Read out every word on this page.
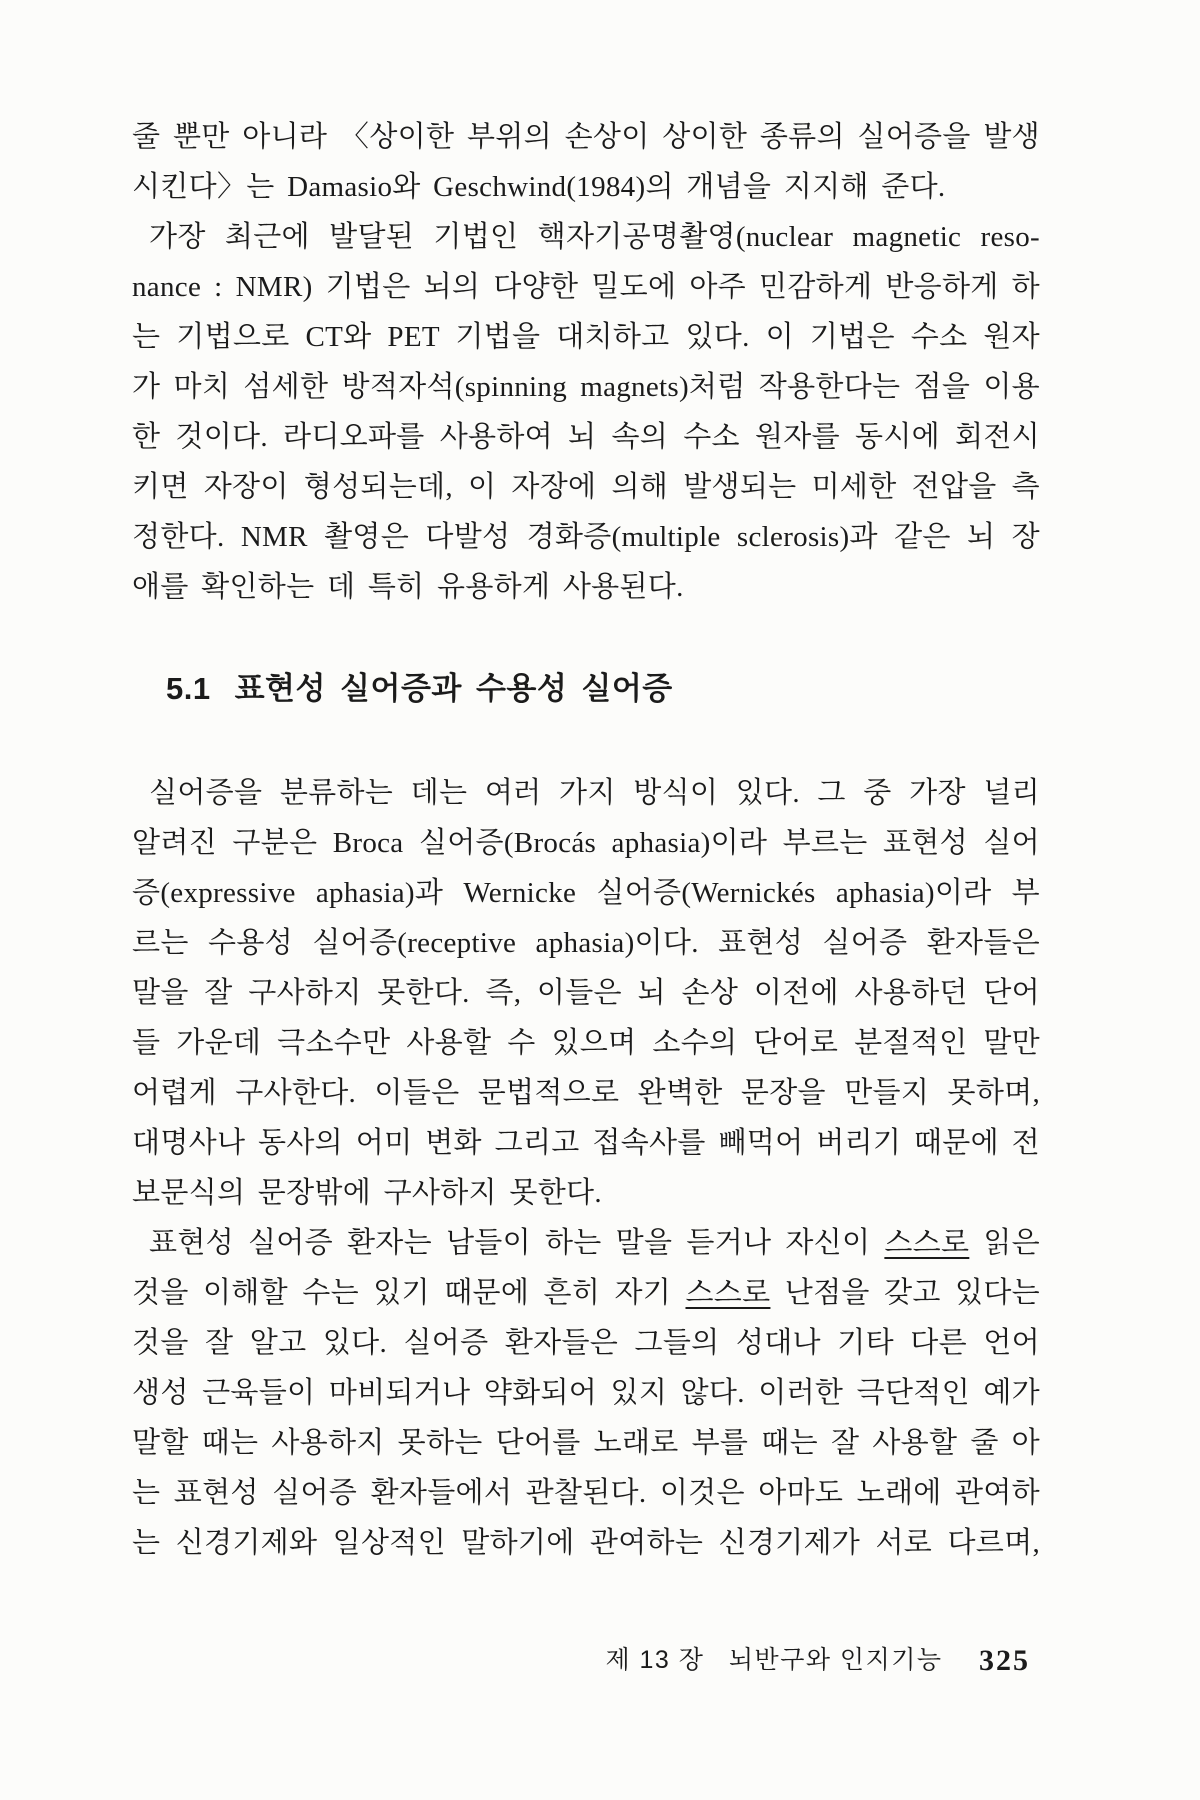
줄 뿐만 아니라 〈상이한 부위의 손상이 상이한 종류의 실어증을 발생
시킨다〉는 Damasio와 Geschwind(1984)의 개념을 지지해 준다.

가장 최근에 발달된 기법인 핵자기공명촬영(nuclear magnetic reso-
nance : NMR) 기법은 뇌의 다양한 밀도에 아주 민감하게 반응하게 하
는 기법으로 CT와 PET 기법을 대치하고 있다. 이 기법은 수소 원자
가 마치 섬세한 방적자석(spinning magnets)처럼 작용한다는 점을 이용
한 것이다. 라디오파를 사용하여 뇌 속의 수소 원자를 동시에 회전시
키면 자장이 형성되는데, 이 자장에 의해 발생되는 미세한 전압을 측
정한다. NMR 촬영은 다발성 경화증(multiple sclerosis)과 같은 뇌 장
애를 확인하는 데 특히 유용하게 사용된다.

5.1 표현성 실어증과 수용성 실어증

실어증을 분류하는 데는 여러 가지 방식이 있다. 그 중 가장 널리
알려진 구분은 Broca 실어증(Brocás aphasia)이라 부르는 표현성 실어
증(expressive aphasia)과 Wernicke 실어증(Wernickés aphasia)이라 부
르는 수용성 실어증(receptive aphasia)이다. 표현성 실어증 환자들은
말을 잘 구사하지 못한다. 즉, 이들은 뇌 손상 이전에 사용하던 단어
들 가운데 극소수만 사용할 수 있으며 소수의 단어로 분절적인 말만
어렵게 구사한다. 이들은 문법적으로 완벽한 문장을 만들지 못하며,
대명사나 동사의 어미 변화 그리고 접속사를 빼먹어 버리기 때문에 전
보문식의 문장밖에 구사하지 못한다.

표현성 실어증 환자는 남들이 하는 말을 듣거나 자신이 스스로 읽은
것을 이해할 수는 있기 때문에 흔히 자기 스스로 난점을 갖고 있다는
것을 잘 알고 있다. 실어증 환자들은 그들의 성대나 기타 다른 언어
생성 근육들이 마비되거나 약화되어 있지 않다. 이러한 극단적인 예가
말할 때는 사용하지 못하는 단어를 노래로 부를 때는 잘 사용할 줄 아
는 표현성 실어증 환자들에서 관찰된다. 이것은 아마도 노래에 관여하
는 신경기제와 일상적인 말하기에 관여하는 신경기제가 서로 다르며,

제 13 장 뇌반구와 인지기능 325
